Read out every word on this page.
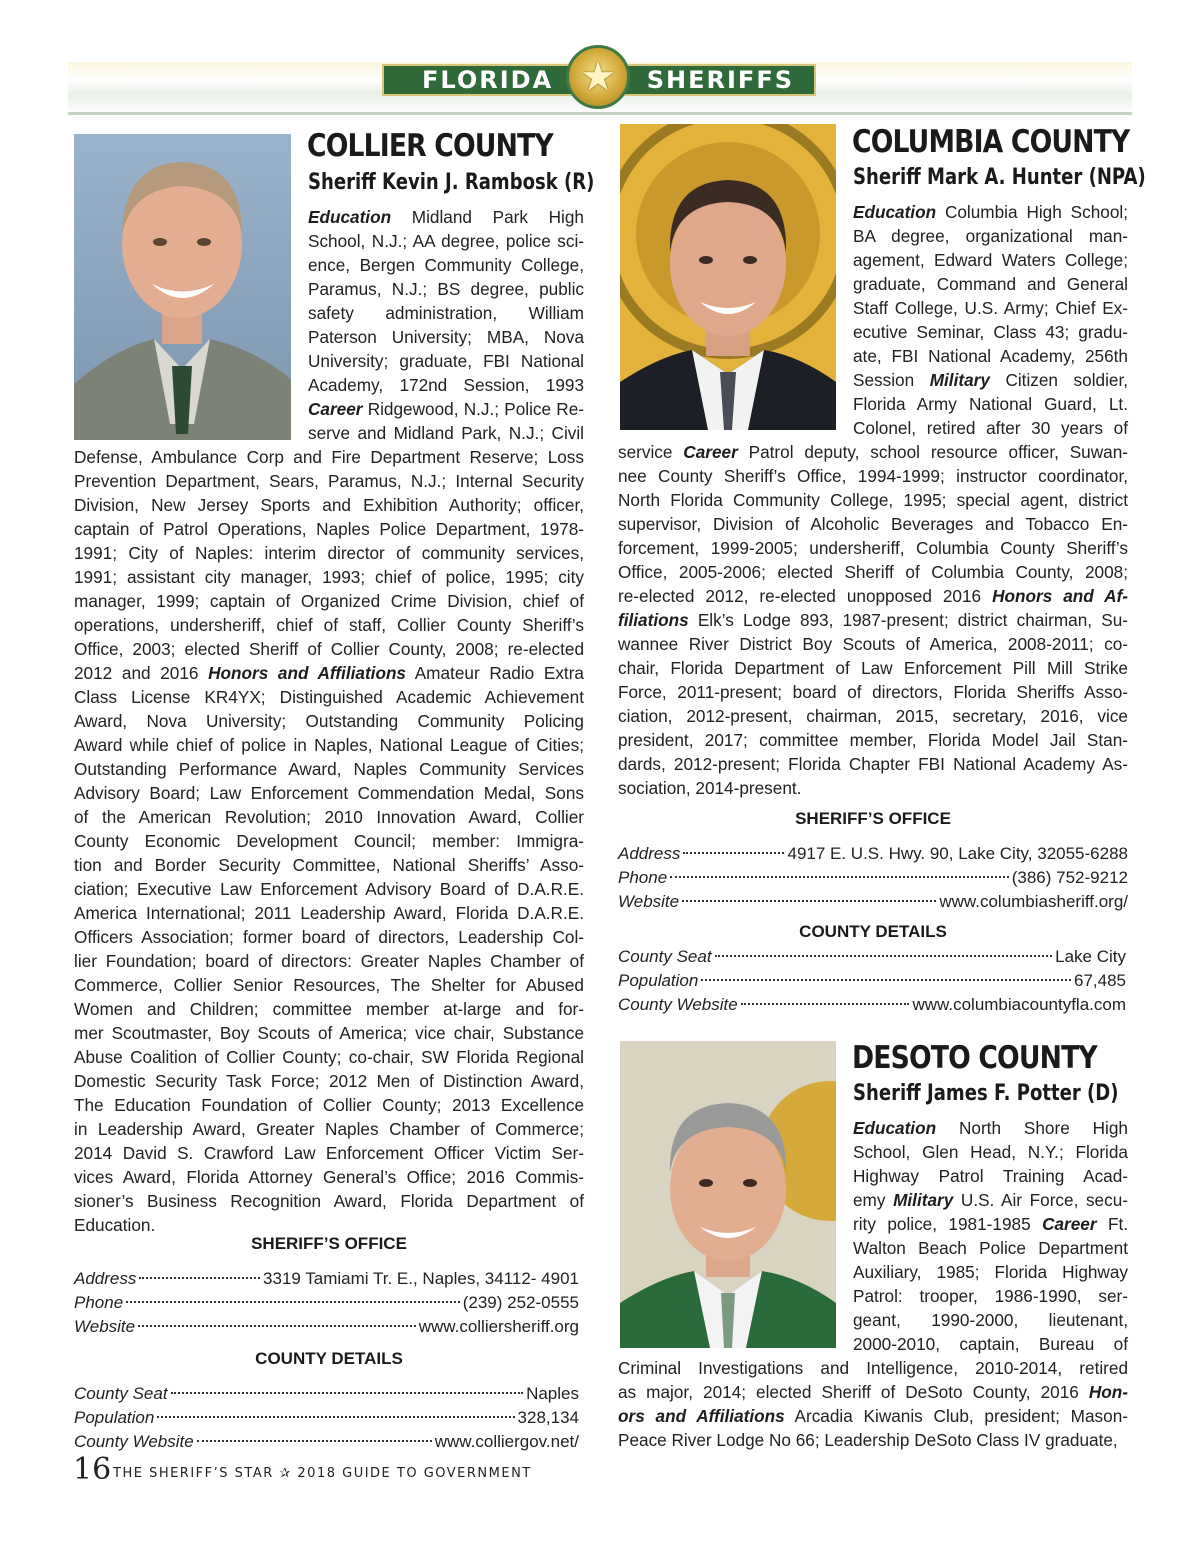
FLORIDA	SHERIFFS
★
COLLIER COUNTY
Sheriff Kevin J. Rambosk (R)
COLUMBIA COUNTY
Sheriff Mark A. Hunter (NPA)
DESOTO COUNTY
Sheriff James F. Potter (D)
Education Midland Park High
School, N.J.; AA degree, police sci-
ence, Bergen Community College,
Paramus, N.J.; BS degree, public
safety administration, William
Paterson University; MBA, Nova
University; graduate, FBI National
Academy, 172nd Session, 1993
Career Ridgewood, N.J.; Police Re-
serve and Midland Park, N.J.; Civil
Defense, Ambulance Corp and Fire Department Reserve; Loss
Prevention Department, Sears, Paramus, N.J.; Internal Security
Division, New Jersey Sports and Exhibition Authority; officer,
captain of Patrol Operations, Naples Police Department, 1978-
1991; City of Naples: interim director of community services,
1991; assistant city manager, 1993; chief of police, 1995; city
manager, 1999; captain of Organized Crime Division, chief of
operations, undersheriff, chief of staff, Collier County Sheriff’s
Office, 2003; elected Sheriff of Collier County, 2008; re-elected
2012 and 2016 Honors and Affiliations Amateur Radio Extra
Class License KR4YX; Distinguished Academic Achievement
Award, Nova University; Outstanding Community Policing
Award while chief of police in Naples, National League of Cities;
Outstanding Performance Award, Naples Community Services
Advisory Board; Law Enforcement Commendation Medal, Sons
of the American Revolution; 2010 Innovation Award, Collier
County Economic Development Council; member: Immigra-
tion and Border Security Committee, National Sheriffs’ Asso-
ciation; Executive Law Enforcement Advisory Board of D.A.R.E.
America International; 2011 Leadership Award, Florida D.A.R.E.
Officers Association; former board of directors, Leadership Col-
lier Foundation; board of directors: Greater Naples Chamber of
Commerce, Collier Senior Resources, The Shelter for Abused
Women and Children; committee member at-large and for-
mer Scoutmaster, Boy Scouts of America; vice chair, Substance
Abuse Coalition of Collier County; co-chair, SW Florida Regional
Domestic Security Task Force; 2012 Men of Distinction Award,
The Education Foundation of Collier County; 2013 Excellence
in Leadership Award, Greater Naples Chamber of Commerce;
2014 David S. Crawford Law Enforcement Officer Victim Ser-
vices Award, Florida Attorney General’s Office; 2016 Commis-
sioner’s Business Recognition Award, Florida Department of
Education.
Education Columbia High School;
BA degree, organizational man-
agement, Edward Waters College;
graduate, Command and General
Staff College, U.S. Army; Chief Ex-
ecutive Seminar, Class 43; gradu-
ate, FBI National Academy, 256th
Session Military Citizen soldier,
Florida Army National Guard, Lt.
Colonel, retired after 30 years of
service Career Patrol deputy, school resource officer, Suwan-
nee County Sheriff’s Office, 1994-1999; instructor coordinator,
North Florida Community College, 1995; special agent, district
supervisor, Division of Alcoholic Beverages and Tobacco En-
forcement, 1999-2005; undersheriff, Columbia County Sheriff’s
Office, 2005-2006; elected Sheriff of Columbia County, 2008;
re-elected 2012, re-elected unopposed 2016 Honors and Af-
filiations Elk’s Lodge 893, 1987-present; district chairman, Su-
wannee River District Boy Scouts of America, 2008-2011; co-
chair, Florida Department of Law Enforcement Pill Mill Strike
Force, 2011-present; board of directors, Florida Sheriffs Asso-
ciation, 2012-present, chairman, 2015, secretary, 2016, vice
president, 2017; committee member, Florida Model Jail Stan-
dards, 2012-present; Florida Chapter FBI National Academy As-
sociation, 2014-present.
Education North Shore High
School, Glen Head, N.Y.; Florida
Highway Patrol Training Acad-
emy Military U.S. Air Force, secu-
rity police, 1981-1985 Career Ft.
Walton Beach Police Department
Auxiliary, 1985; Florida Highway
Patrol: trooper, 1986-1990, ser-
geant, 1990-2000, lieutenant,
2000-2010, captain, Bureau of
Criminal Investigations and Intelligence, 2010-2014, retired
as major, 2014; elected Sheriff of DeSoto County, 2016 Hon-
ors and Affiliations Arcadia Kiwanis Club, president; Mason-
Peace River Lodge No 66; Leadership DeSoto Class IV graduate,
SHERIFF’S OFFICE
Address	3319 Tamiami Tr. E., Naples, 34112- 4901
Phone	(239) 252-0555
Website	www.colliersheriff.org
COUNTY DETAILS
County Seat	Naples
Population	328,134
County Website	www.colliergov.net/
SHERIFF’S OFFICE
Address	4917 E. U.S. Hwy. 90, Lake City, 32055-6288
Phone	(386) 752-9212
Website	www.columbiasheriff.org/
COUNTY DETAILS
County Seat	Lake City
Population	67,485
County Website	www.columbiacountyfla.com
16 THE SHERIFF’S STAR ✰ 2018 GUIDE TO GOVERNMENT
